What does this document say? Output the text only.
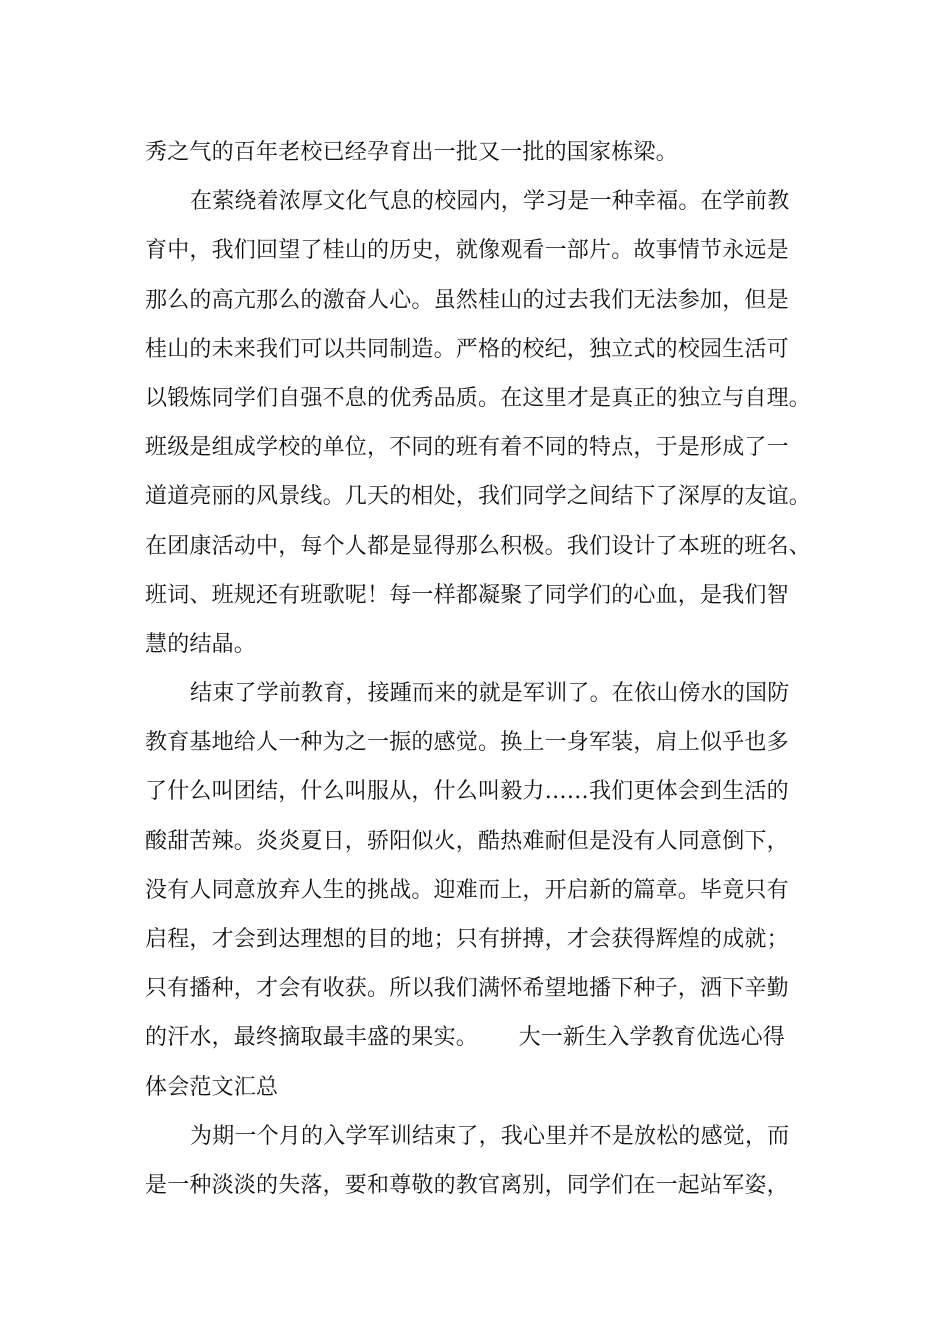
秀之气的百年老校已经孕育出一批又一批的国家栋梁。
在萦绕着浓厚文化气息的校园内，学习是一种幸福。在学前教
育中，我们回望了桂山的历史，就像观看一部片。故事情节永远是
那么的高亢那么的激奋人心。虽然桂山的过去我们无法参加，但是
桂山的未来我们可以共同制造。严格的校纪，独立式的校园生活可
以锻炼同学们自强不息的优秀品质。在这里才是真正的独立与自理。
班级是组成学校的单位，不同的班有着不同的特点，于是形成了一
道道亮丽的风景线。几天的相处，我们同学之间结下了深厚的友谊。
在团康活动中，每个人都是显得那么积极。我们设计了本班的班名、
班词、班规还有班歌呢！每一样都凝聚了同学们的心血，是我们智
慧的结晶。
结束了学前教育，接踵而来的就是军训了。在依山傍水的国防
教育基地给人一种为之一振的感觉。换上一身军装，肩上似乎也多
了什么叫团结，什么叫服从，什么叫毅力……我们更体会到生活的
酸甜苦辣。炎炎夏日，骄阳似火，酷热难耐但是没有人同意倒下，
没有人同意放弃人生的挑战。迎难而上，开启新的篇章。毕竟只有
启程，才会到达理想的目的地；只有拼搏，才会获得辉煌的成就；
只有播种，才会有收获。所以我们满怀希望地播下种子，洒下辛勤
的汗水，最终摘取最丰盛的果实。　　 大一新生入学教育优选心得
体会范文汇总
为期一个月的入学军训结束了，我心里并不是放松的感觉，而
是一种淡淡的失落，要和尊敬的教官离别，同学们在一起站军姿，
